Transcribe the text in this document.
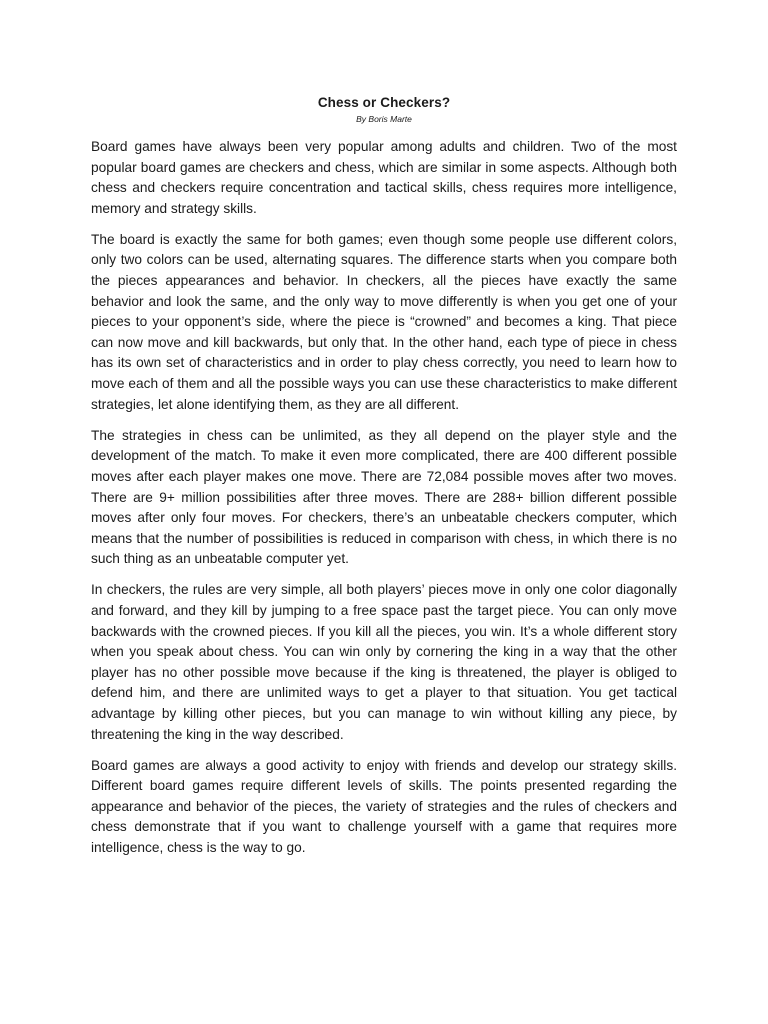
Chess or Checkers?
By Boris Marte

Board games have always been very popular among adults and children. Two of the most popular board games are checkers and chess, which are similar in some aspects. Although both chess and checkers require concentration and tactical skills, chess requires more intelligence, memory and strategy skills.

The board is exactly the same for both games; even though some people use different colors, only two colors can be used, alternating squares. The difference starts when you compare both the pieces appearances and behavior. In checkers, all the pieces have exactly the same behavior and look the same, and the only way to move differently is when you get one of your pieces to your opponent’s side, where the piece is “crowned” and becomes a king. That piece can now move and kill backwards, but only that. In the other hand, each type of piece in chess has its own set of characteristics and in order to play chess correctly, you need to learn how to move each of them and all the possible ways you can use these characteristics to make different strategies, let alone identifying them, as they are all different.

The strategies in chess can be unlimited, as they all depend on the player style and the development of the match. To make it even more complicated, there are 400 different possible moves after each player makes one move. There are 72,084 possible moves after two moves. There are 9+ million possibilities after three moves. There are 288+ billion different possible moves after only four moves. For checkers, there’s an unbeatable checkers computer, which means that the number of possibilities is reduced in comparison with chess, in which there is no such thing as an unbeatable computer yet.

In checkers, the rules are very simple, all both players’ pieces move in only one color diagonally and forward, and they kill by jumping to a free space past the target piece. You can only move backwards with the crowned pieces. If you kill all the pieces, you win. It’s a whole different story when you speak about chess. You can win only by cornering the king in a way that the other player has no other possible move because if the king is threatened, the player is obliged to defend him, and there are unlimited ways to get a player to that situation. You get tactical advantage by killing other pieces, but you can manage to win without killing any piece, by threatening the king in the way described.

Board games are always a good activity to enjoy with friends and develop our strategy skills. Different board games require different levels of skills. The points presented regarding the appearance and behavior of the pieces, the variety of strategies and the rules of checkers and chess demonstrate that if you want to challenge yourself with a game that requires more intelligence, chess is the way to go.
